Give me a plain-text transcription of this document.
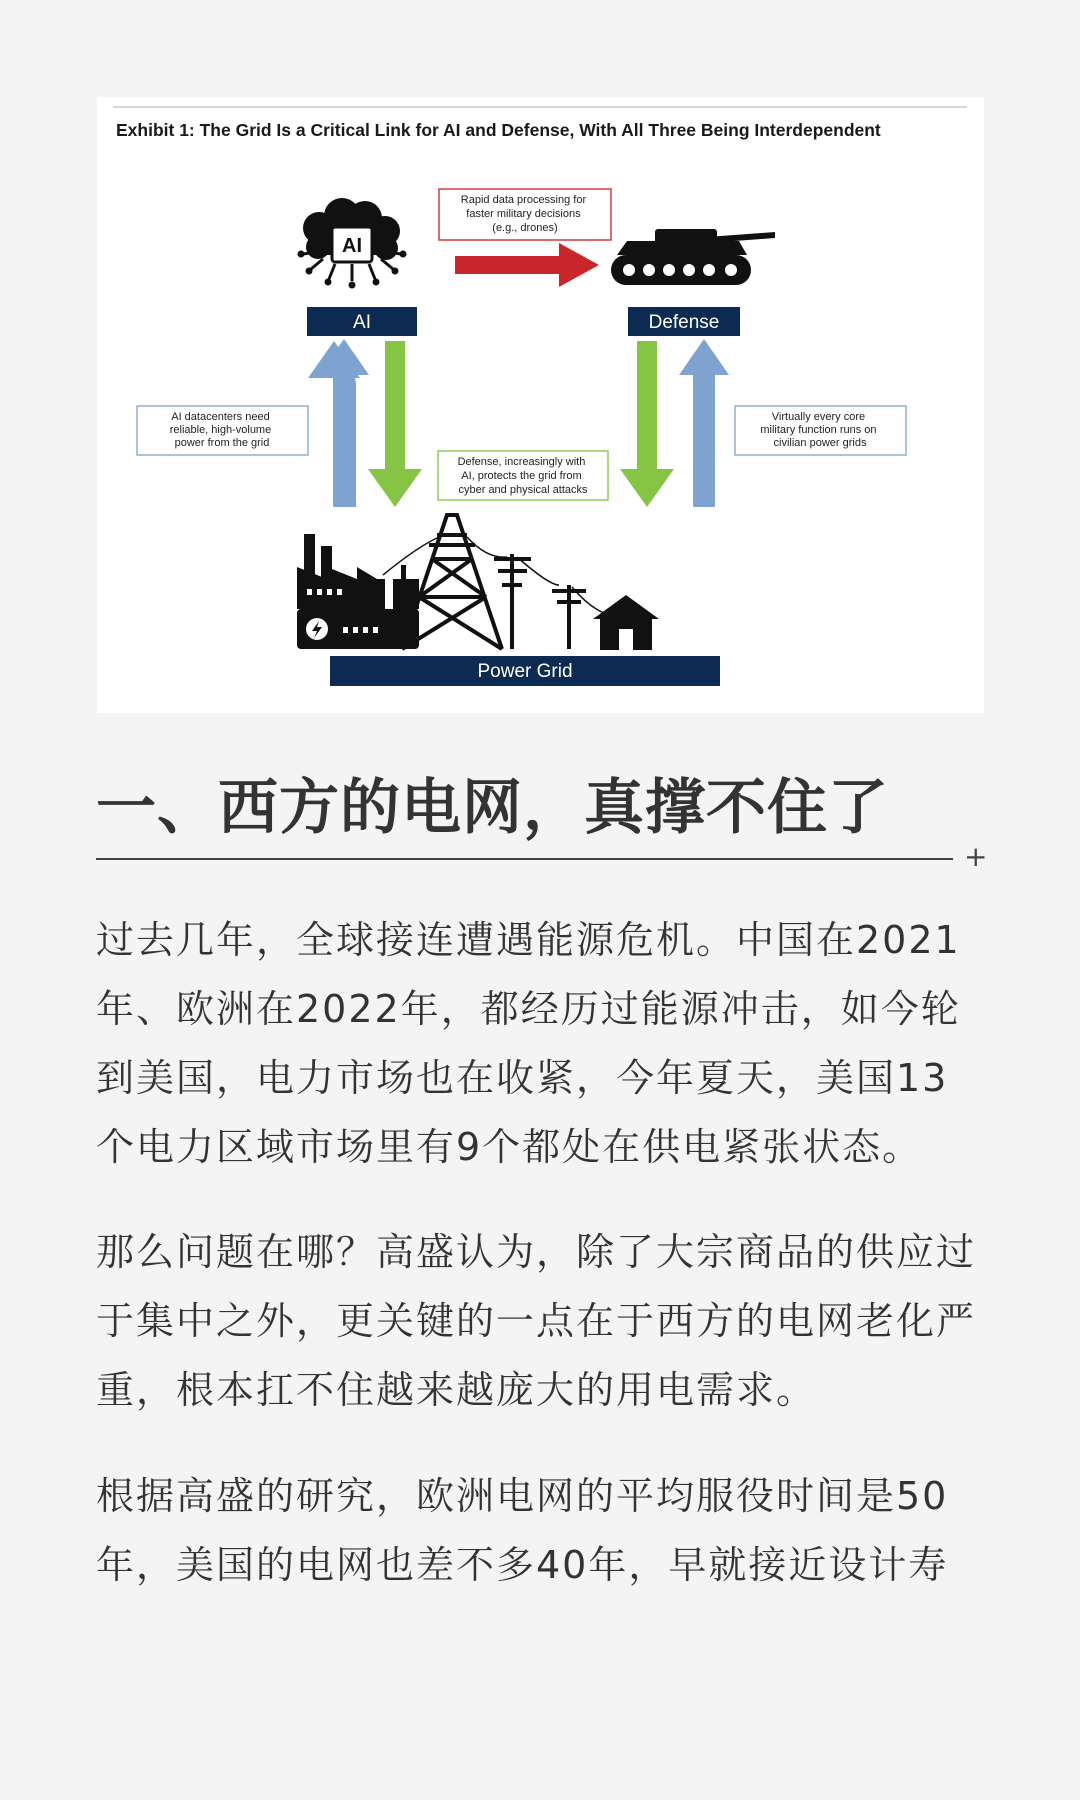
Exhibit 1: The Grid Is a Critical Link for AI and Defense, With All Three Being Interdependent
AI
AI	Defense
Rapid data processing for faster military decisions (e.g., drones)
AI datacenters need reliable, high-volume power from the grid
Defense, increasingly with AI, protects the grid from cyber and physical attacks
Virtually every core military function runs on civilian power grids
Power Grid
一、西方的电网，真撑不住了
+

过去几年，全球接连遭遇能源危机。中国在2021年、欧洲在2022年，都经历过能源冲击，如今轮到美国，电力市场也在收紧，今年夏天，美国13个电力区域市场里有9个都处在供电紧张状态。

那么问题在哪？高盛认为，除了大宗商品的供应过于集中之外，更关键的一点在于西方的电网老化严重，根本扛不住越来越庞大的用电需求。

根据高盛的研究，欧洲电网的平均服役时间是50年，美国的电网也差不多40年，早就接近设计寿
